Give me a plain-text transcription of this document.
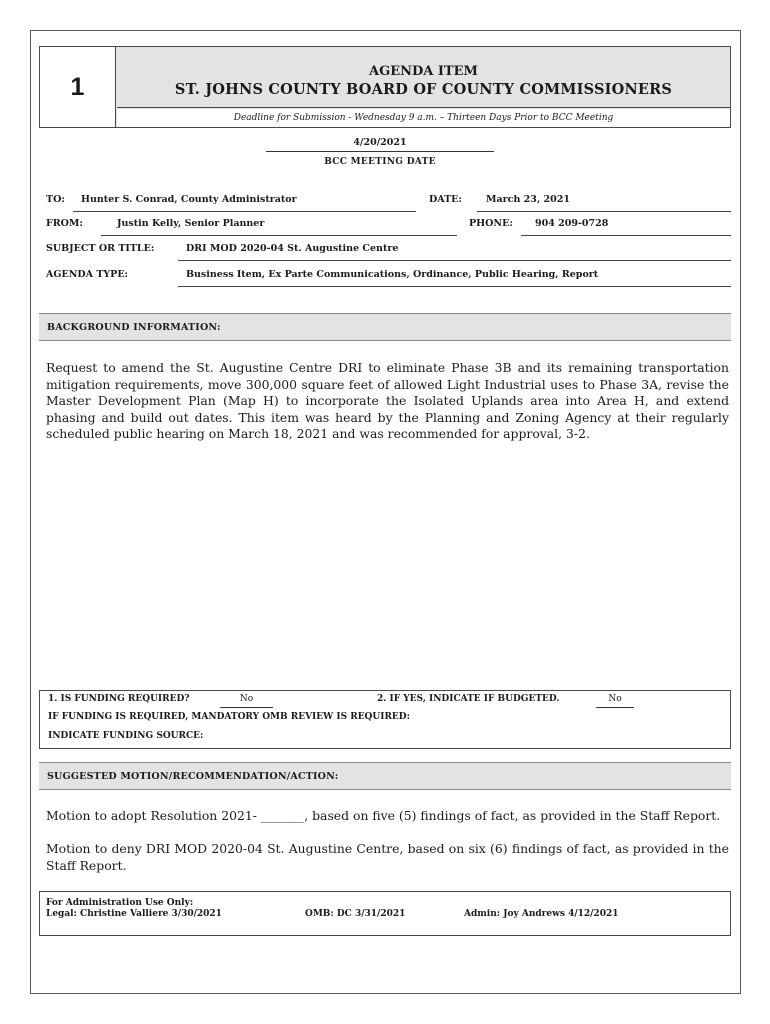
1
AGENDA ITEM
ST. JOHNS COUNTY BOARD OF COUNTY COMMISSIONERS
Deadline for Submission - Wednesday 9 a.m. – Thirteen Days Prior to BCC Meeting
4/20/2021
BCC MEETING DATE
TO:	Hunter S. Conrad, County Administrator	DATE:	March 23, 2021
FROM:	Justin Kelly, Senior Planner	PHONE:	904 209-0728
SUBJECT OR TITLE:	DRI MOD 2020-04 St. Augustine Centre
AGENDA TYPE:	Business Item, Ex Parte Communications, Ordinance, Public Hearing, Report
BACKGROUND INFORMATION:
Request to amend the St. Augustine Centre DRI to eliminate Phase 3B and its remaining transportation mitigation requirements, move 300,000 square feet of allowed Light Industrial uses to Phase 3A, revise the Master Development Plan (Map H) to incorporate the Isolated Uplands area into Area H, and extend phasing and build out dates. This item was heard by the Planning and Zoning Agency at their regularly scheduled public hearing on March 18, 2021 and was recommended for approval, 3-2.
1. IS FUNDING REQUIRED?	No	2. IF YES, INDICATE IF BUDGETED.	No
IF FUNDING IS REQUIRED, MANDATORY OMB REVIEW IS REQUIRED:
INDICATE FUNDING SOURCE:
SUGGESTED MOTION/RECOMMENDATION/ACTION:
Motion to adopt Resolution 2021- _______, based on five (5) findings of fact, as provided in the Staff Report.
Motion to deny DRI MOD 2020-04 St. Augustine Centre, based on six (6) findings of fact, as provided in the Staff Report.
For Administration Use Only:
Legal: Christine Valliere 3/30/2021	OMB: DC 3/31/2021	Admin: Joy Andrews 4/12/2021
